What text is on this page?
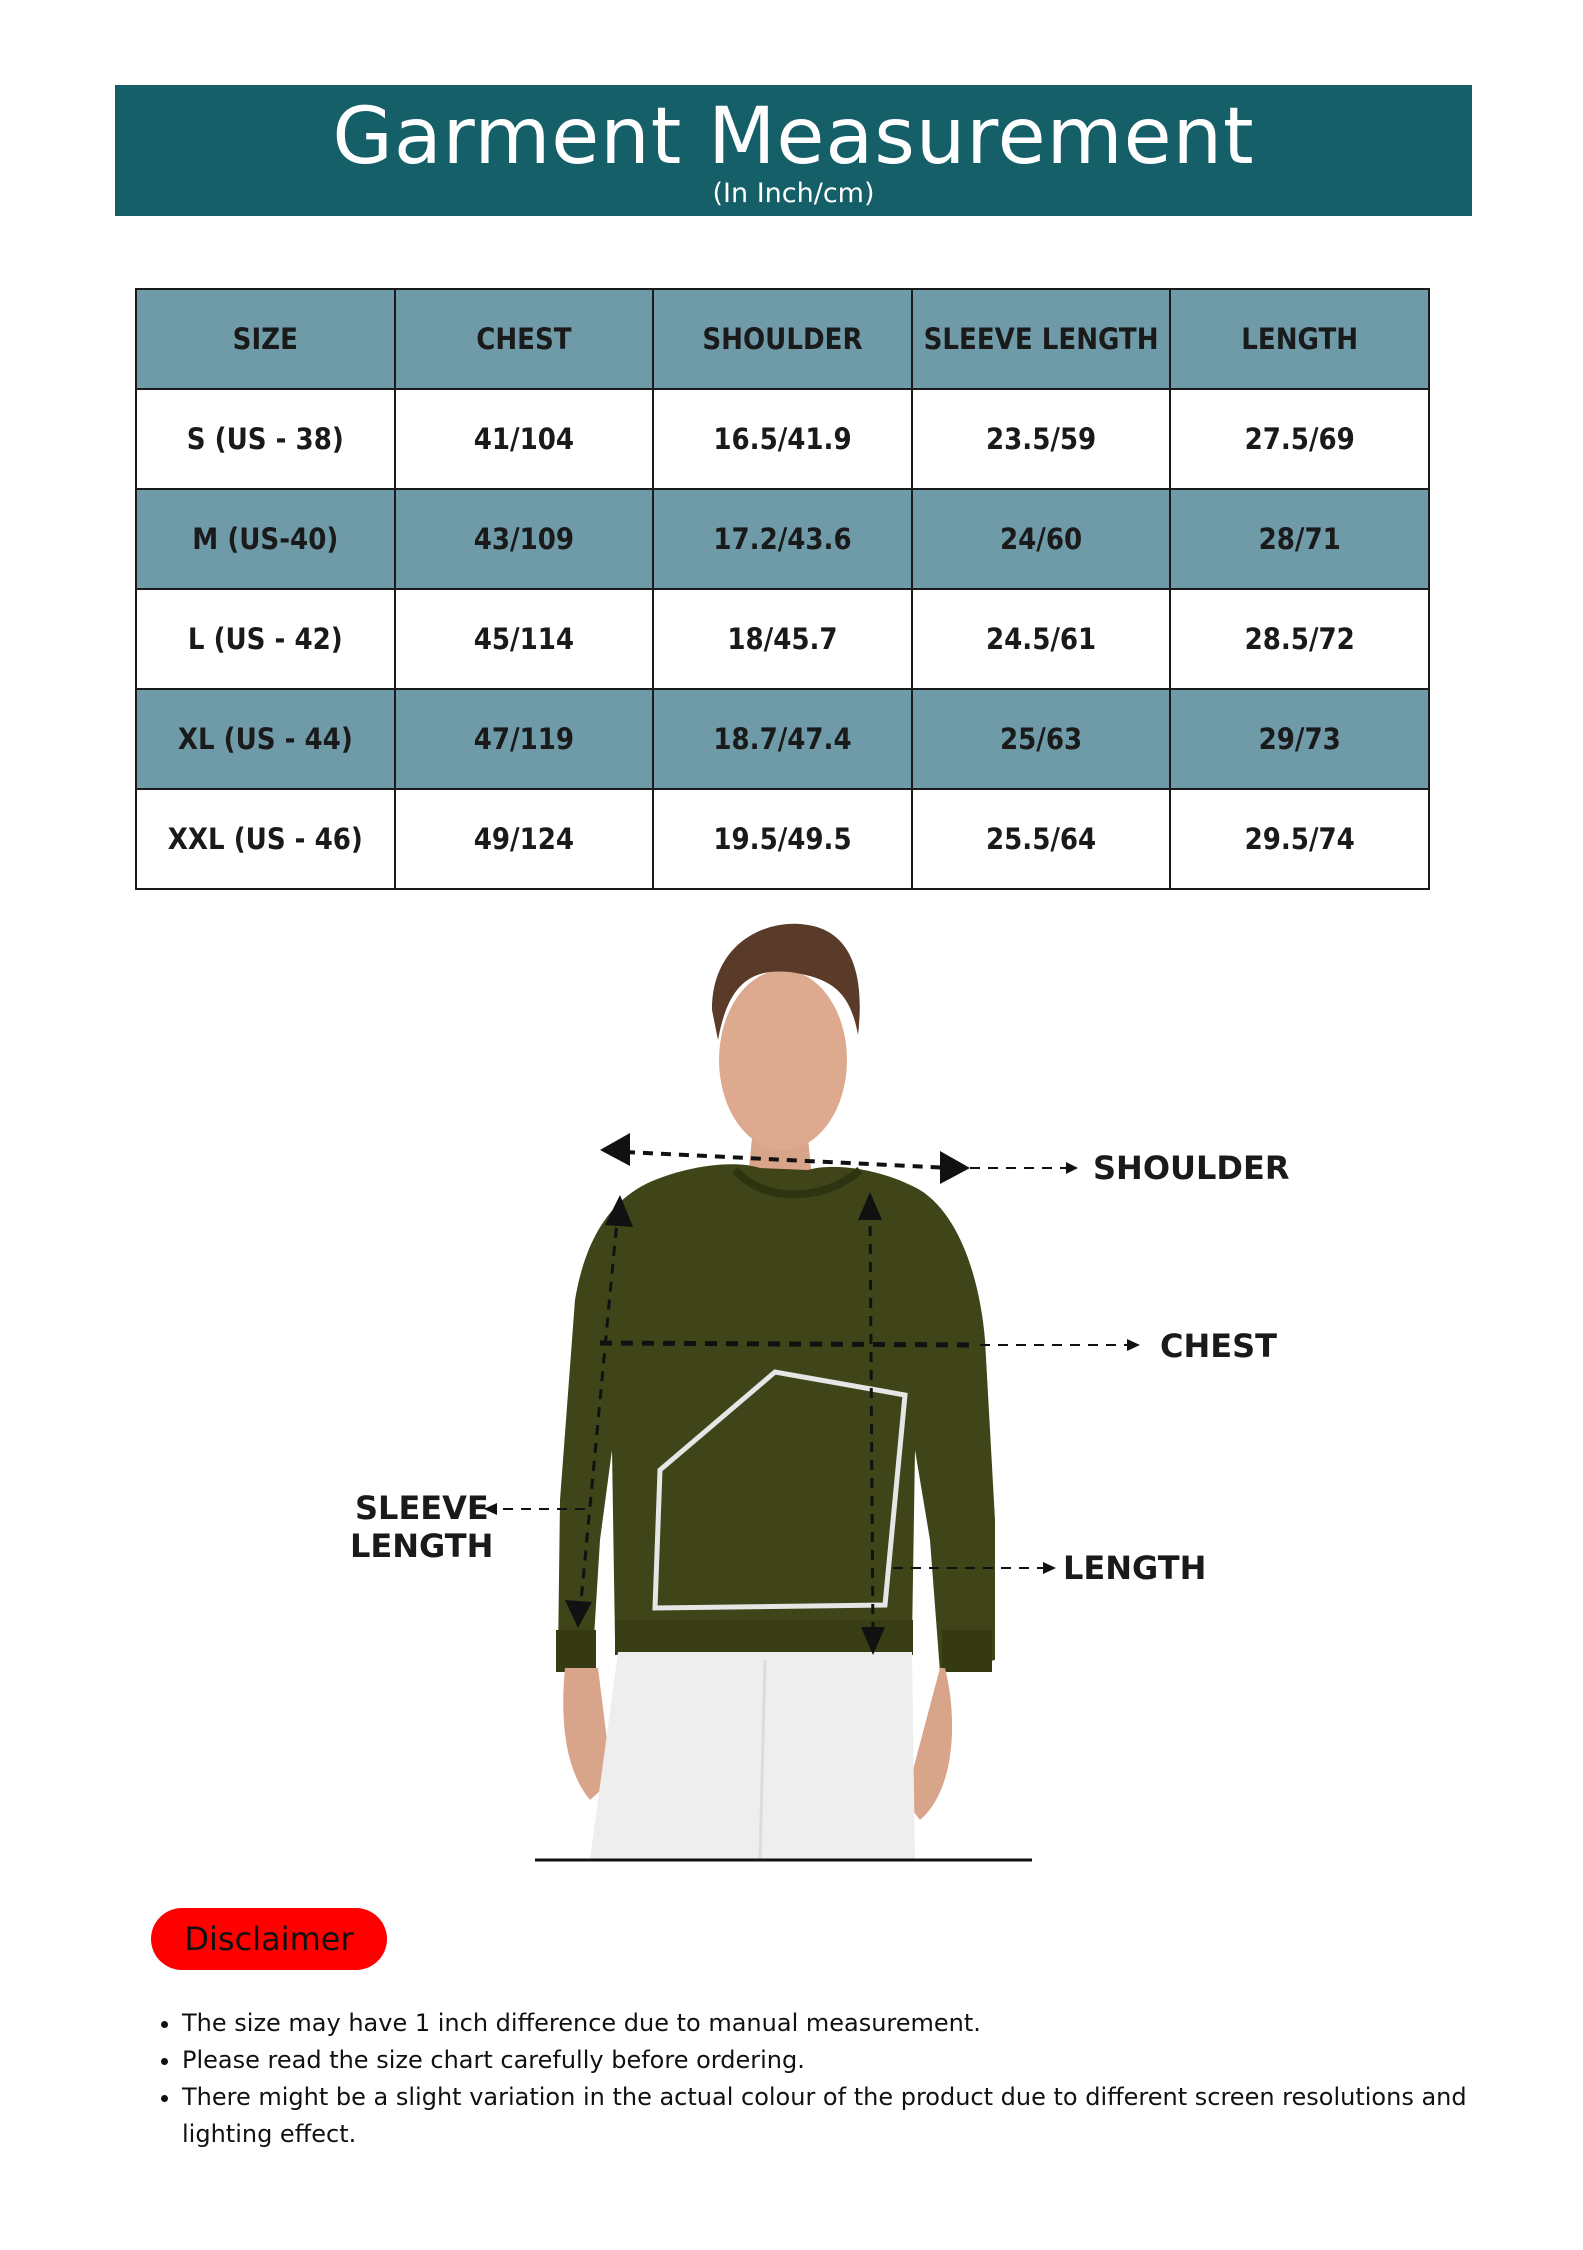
Garment Measurement
(In Inch/cm)
SIZE	CHEST	SHOULDER	SLEEVE LENGTH	LENGTH
S (US - 38)	41/104	16.5/41.9	23.5/59	27.5/69
M (US-40)	43/109	17.2/43.6	24/60	28/71
L (US - 42)	45/114	18/45.7	24.5/61	28.5/72
XL (US - 44)	47/119	18.7/47.4	25/63	29/73
XXL (US - 46)	49/124	19.5/49.5	25.5/64	29.5/74
SHOULDER
CHEST
SLEEVE
LENGTH
LENGTH
Disclaimer
• The size may have 1 inch difference due to manual measurement.
• Please read the size chart carefully before ordering.
• There might be a slight variation in the actual colour of the product due to different screen resolutions and lighting effect.
